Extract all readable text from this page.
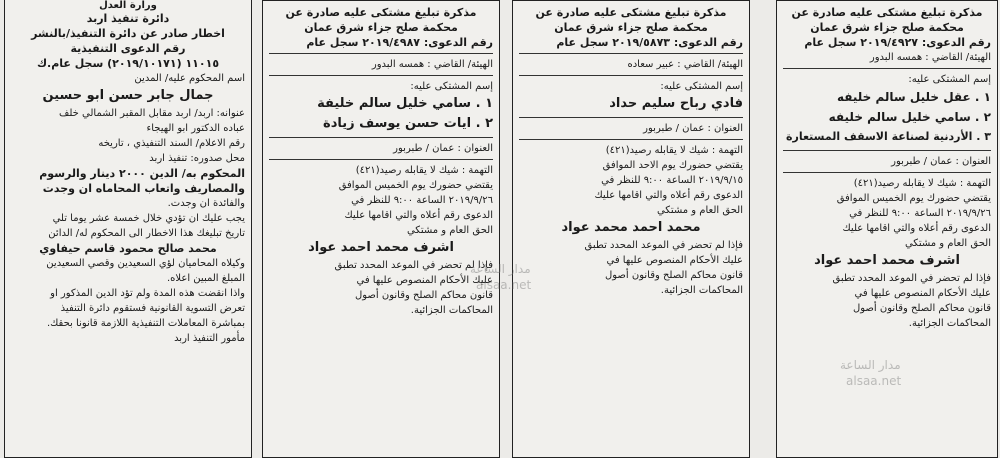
ورارة العدل
دائرة تنفيذ اربد
اخطار صادر عن دائرة التنفيذ/بالنشر
رقم الدعوى التنفيذية
١١٠١٥ (٢٠١٩/١٠١٧١) سجل عام.ك
اسم المحكوم عليه/ المدين
جمال جابر حسن ابو حسين
عنوانه: اربد/ اربد مقابل المقبر الشمالي خلف
عباده الدكتور ابو الهيجاء
رقم الاعلام/ السند التنفيذي ، تاريخه
محل صدوره: تنفيذ اربد
المحكوم به/ الدين ٢٠٠٠ دينار والرسوم
والمصاريف واتعاب المحاماه ان وجدت
والفائدة ان وجدت.
يجب عليك ان تؤدي خلال خمسة عشر يوما تلي
تاريخ تبليغك هذا الاخطار الى المحكوم له/ الدائن
محمد صالح محمود قاسم حيفاوي
وكيلاه المحاميان لؤي السعيدين وقصي السعيدين
المبلغ المبين اعلاه.
واذا انقضت هذه المدة ولم تؤد الدين المذكور او
تعرض التسوية القانونية فستقوم دائرة التنفيذ
بمباشرة المعاملات التنفيذية اللازمة قانونا بحقك.
مأمور التنفيذ اربد
مذكرة تبليغ مشتكى عليه صادرة عن
محكمة صلح جزاء شرق عمان
رقم الدعوى: ٢٠١٩/٤٩٨٧ سجل عام
الهيئة/ القاضي : همسه البدور
إسم المشتكى عليه:
١ . سامي خليل سالم خليفة
٢ . ايات حسن يوسف زيادة
العنوان : عمان / طبربور
التهمة : شيك لا يقابله رصيد(٤٢١)
يقتضي حضورك يوم الخميس الموافق
٢٠١٩/٩/٢٦ الساعة ٩:٠٠ للنظر في
الدعوى رقم أعلاه والتي اقامها عليك
الحق العام و مشتكي
اشرف محمد احمد عواد
فإذا لم تحضر في الموعد المحدد تطبق
عليك الأحكام المنصوص عليها في
قانون محاكم الصلح وقانون أصول
المحاكمات الجزائية.
مذكرة تبليغ مشتكى عليه صادرة عن
محكمة صلح جزاء شرق عمان
رقم الدعوى: ٢٠١٩/٥٨٧٣ سجل عام
الهيئة/ القاضي : عبير سعاده
إسم المشتكى عليه:
فادي رباح سليم حداد
العنوان : عمان / طبربور
التهمة : شيك لا يقابله رصيد(٤٢١)
يقتضي حضورك يوم الاحد الموافق
٢٠١٩/٩/١٥ الساعة ٩:٠٠ للنظر في
الدعوى رقم أعلاه والتي اقامها عليك
الحق العام و مشتكي
محمد احمد محمد عواد
فإذا لم تحضر في الموعد المحدد تطبق
عليك الأحكام المنصوص عليها في
قانون محاكم الصلح وقانون أصول
المحاكمات الجزائية.
مذكرة تبليغ مشتكى عليه صادرة عن
محكمة صلح جزاء شرق عمان
رقم الدعوى: ٢٠١٩/٤٩٢٧ سجل عام
الهيئة/ القاضي : همسه البدور
إسم المشتكى عليه:
١ . عقل خليل سالم خليفه
٢ . سامي خليل سالم خليفه
٣ . الأردنية لصناعة الاسقف المستعارة
العنوان : عمان / طبربور
التهمة : شيك لا يقابله رصيد(٤٢١)
يقتضي حضورك يوم الخميس الموافق
٢٠١٩/٩/٢٦ الساعة ٩:٠٠ للنظر في
الدعوى رقم أعلاه والتي اقامها عليك
الحق العام و مشتكي
اشرف محمد احمد عواد
فإذا لم تحضر في الموعد المحدد تطبق
عليك الأحكام المنصوص عليها في
قانون محاكم الصلح وقانون أصول
المحاكمات الجزائية.
مدار الساعة
alsaa.net
مدار الساعة
alsaa.net
